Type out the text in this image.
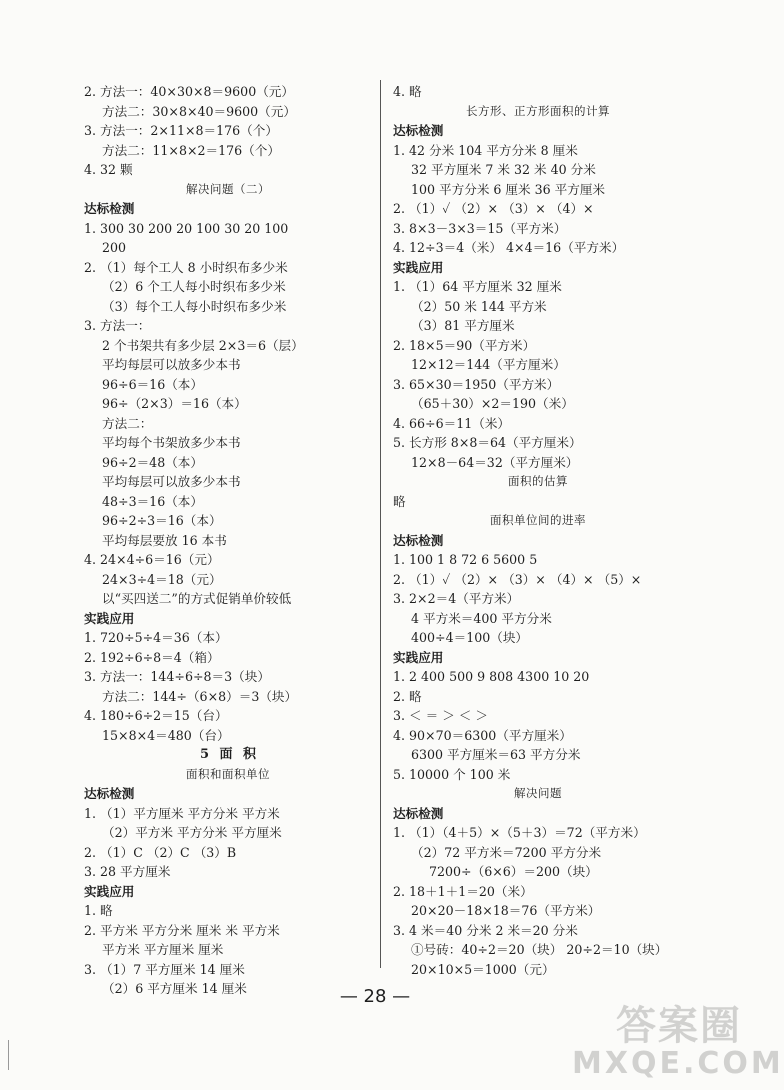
2. 方法一：40×30×8＝9600（元）
方法二：30×8×40＝9600（元）
3. 方法一：2×11×8＝176（个）
方法二：11×8×2＝176（个）
4. 32 颗
解决问题（二）
达标检测
1. 300 30 200 20 100 30 20 100
200
2. （1）每个工人 8 小时织布多少米
（2）6 个工人每小时织布多少米
（3）每个工人每小时织布多少米
3. 方法一：
2 个书架共有多少层 2×3＝6（层）
平均每层可以放多少本书
96÷6＝16（本）
96÷（2×3）＝16（本）
方法二：
平均每个书架放多少本书
96÷2＝48（本）
平均每层可以放多少本书
48÷3＝16（本）
96÷2÷3＝16（本）
平均每层要放 16 本书
4. 24×4÷6＝16（元）
24×3÷4＝18（元）
以“买四送二”的方式促销单价较低
实践应用
1. 720÷5÷4＝36（本）
2. 192÷6÷8＝4（箱）
3. 方法一：144÷6÷8＝3（块）
方法二：144÷（6×8）＝3（块）
4. 180÷6÷2＝15（台）
15×8×4＝480（台）
5 面 积
面积和面积单位
达标检测
1. （1）平方厘米 平方分米 平方米
（2）平方米 平方分米 平方厘米
2. （1）C （2）C （3）B
3. 28 平方厘米
实践应用
1. 略
2. 平方米 平方分米 厘米 米 平方米
平方米 平方厘米 厘米
3. （1）7 平方厘米 14 厘米
（2）6 平方厘米 14 厘米
4. 略
长方形、正方形面积的计算
达标检测
1. 42 分米 104 平方分米 8 厘米
32 平方厘米 7 米 32 米 40 分米
100 平方分米 6 厘米 36 平方厘米
2. （1）✓ （2）× （3）× （4）×
3. 8×3－3×3＝15（平方米）
4. 12÷3＝4（米） 4×4＝16（平方米）
实践应用
1. （1）64 平方厘米 32 厘米
（2）50 米 144 平方米
（3）81 平方厘米
2. 18×5＝90（平方米）
12×12＝144（平方厘米）
3. 65×30＝1950（平方米）
（65＋30）×2＝190（米）
4. 66÷6＝11（米）
5. 长方形 8×8＝64（平方厘米）
12×8－64＝32（平方厘米）
面积的估算
略
面积单位间的进率
达标检测
1. 100 1 8 72 6 5600 5
2. （1）✓ （2）× （3）× （4）× （5）×
3. 2×2＝4（平方米）
4 平方米＝400 平方分米
400÷4＝100（块）
实践应用
1. 2 400 500 9 808 4300 10 20
2. 略
3. ＜ ＝ ＞ ＜ ＞
4. 90×70＝6300（平方厘米）
6300 平方厘米＝63 平方分米
5. 10000 个 100 米
解决问题
达标检测
1. （1）（4＋5）×（5＋3）＝72（平方米）
（2）72 平方米＝7200 平方分米
7200÷（6×6）＝200（块）
2. 18＋1＋1＝20（米）
20×20－18×18＝76（平方米）
3. 4 米＝40 分米 2 米＝20 分米
①号砖：40÷2＝20（块） 20÷2＝10（块）
20×10×5＝1000（元）
— 28 —
答案圈
MXQE.COM
